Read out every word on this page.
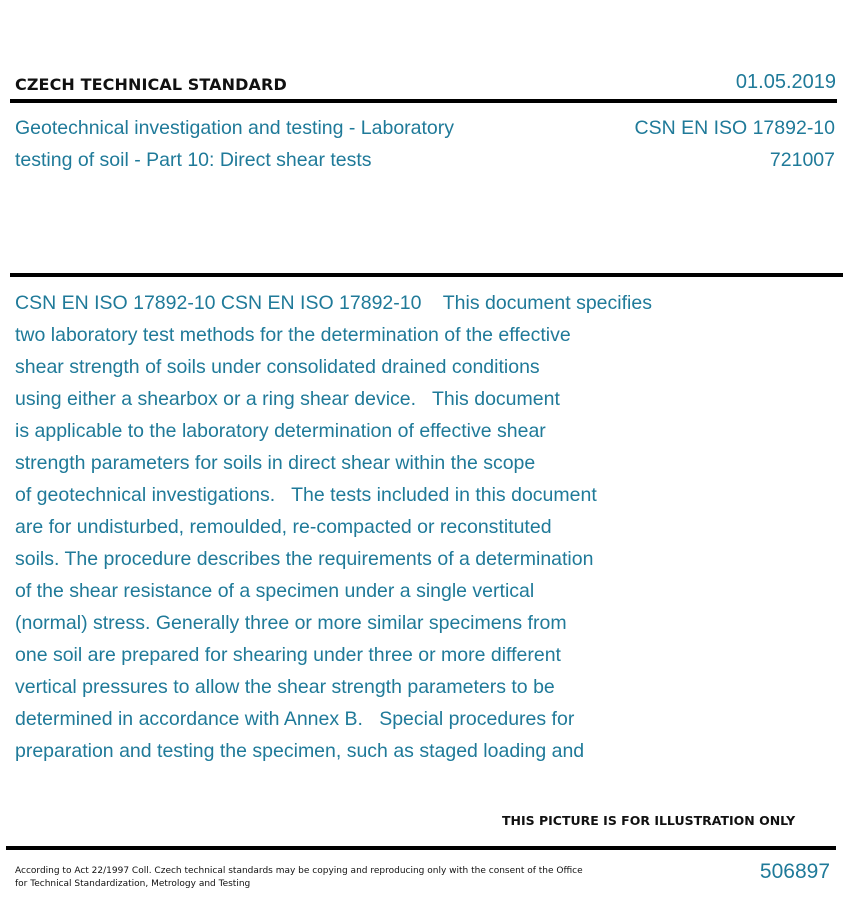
CZECH TECHNICAL STANDARD	01.05.2019
Geotechnical investigation and testing - Laboratory
testing of soil - Part 10: Direct shear tests
CSN EN ISO 17892-10
721007
CSN EN ISO 17892-10 CSN EN ISO 17892-10    This document specifies
two laboratory test methods for the determination of the effective
shear strength of soils under consolidated drained conditions
using either a shearbox or a ring shear device.   This document
is applicable to the laboratory determination of effective shear
strength parameters for soils in direct shear within the scope
of geotechnical investigations.   The tests included in this document
are for undisturbed, remoulded, re-compacted or reconstituted
soils. The procedure describes the requirements of a determination
of the shear resistance of a specimen under a single vertical
(normal) stress. Generally three or more similar specimens from
one soil are prepared for shearing under three or more different
vertical pressures to allow the shear strength parameters to be
determined in accordance with Annex B.   Special procedures for
preparation and testing the specimen, such as staged loading and
THIS PICTURE IS FOR ILLUSTRATION ONLY
According to Act 22/1997 Coll. Czech technical standards may be copying and reproducing only with the consent of the Office
for Technical Standardization, Metrology and Testing
506897
